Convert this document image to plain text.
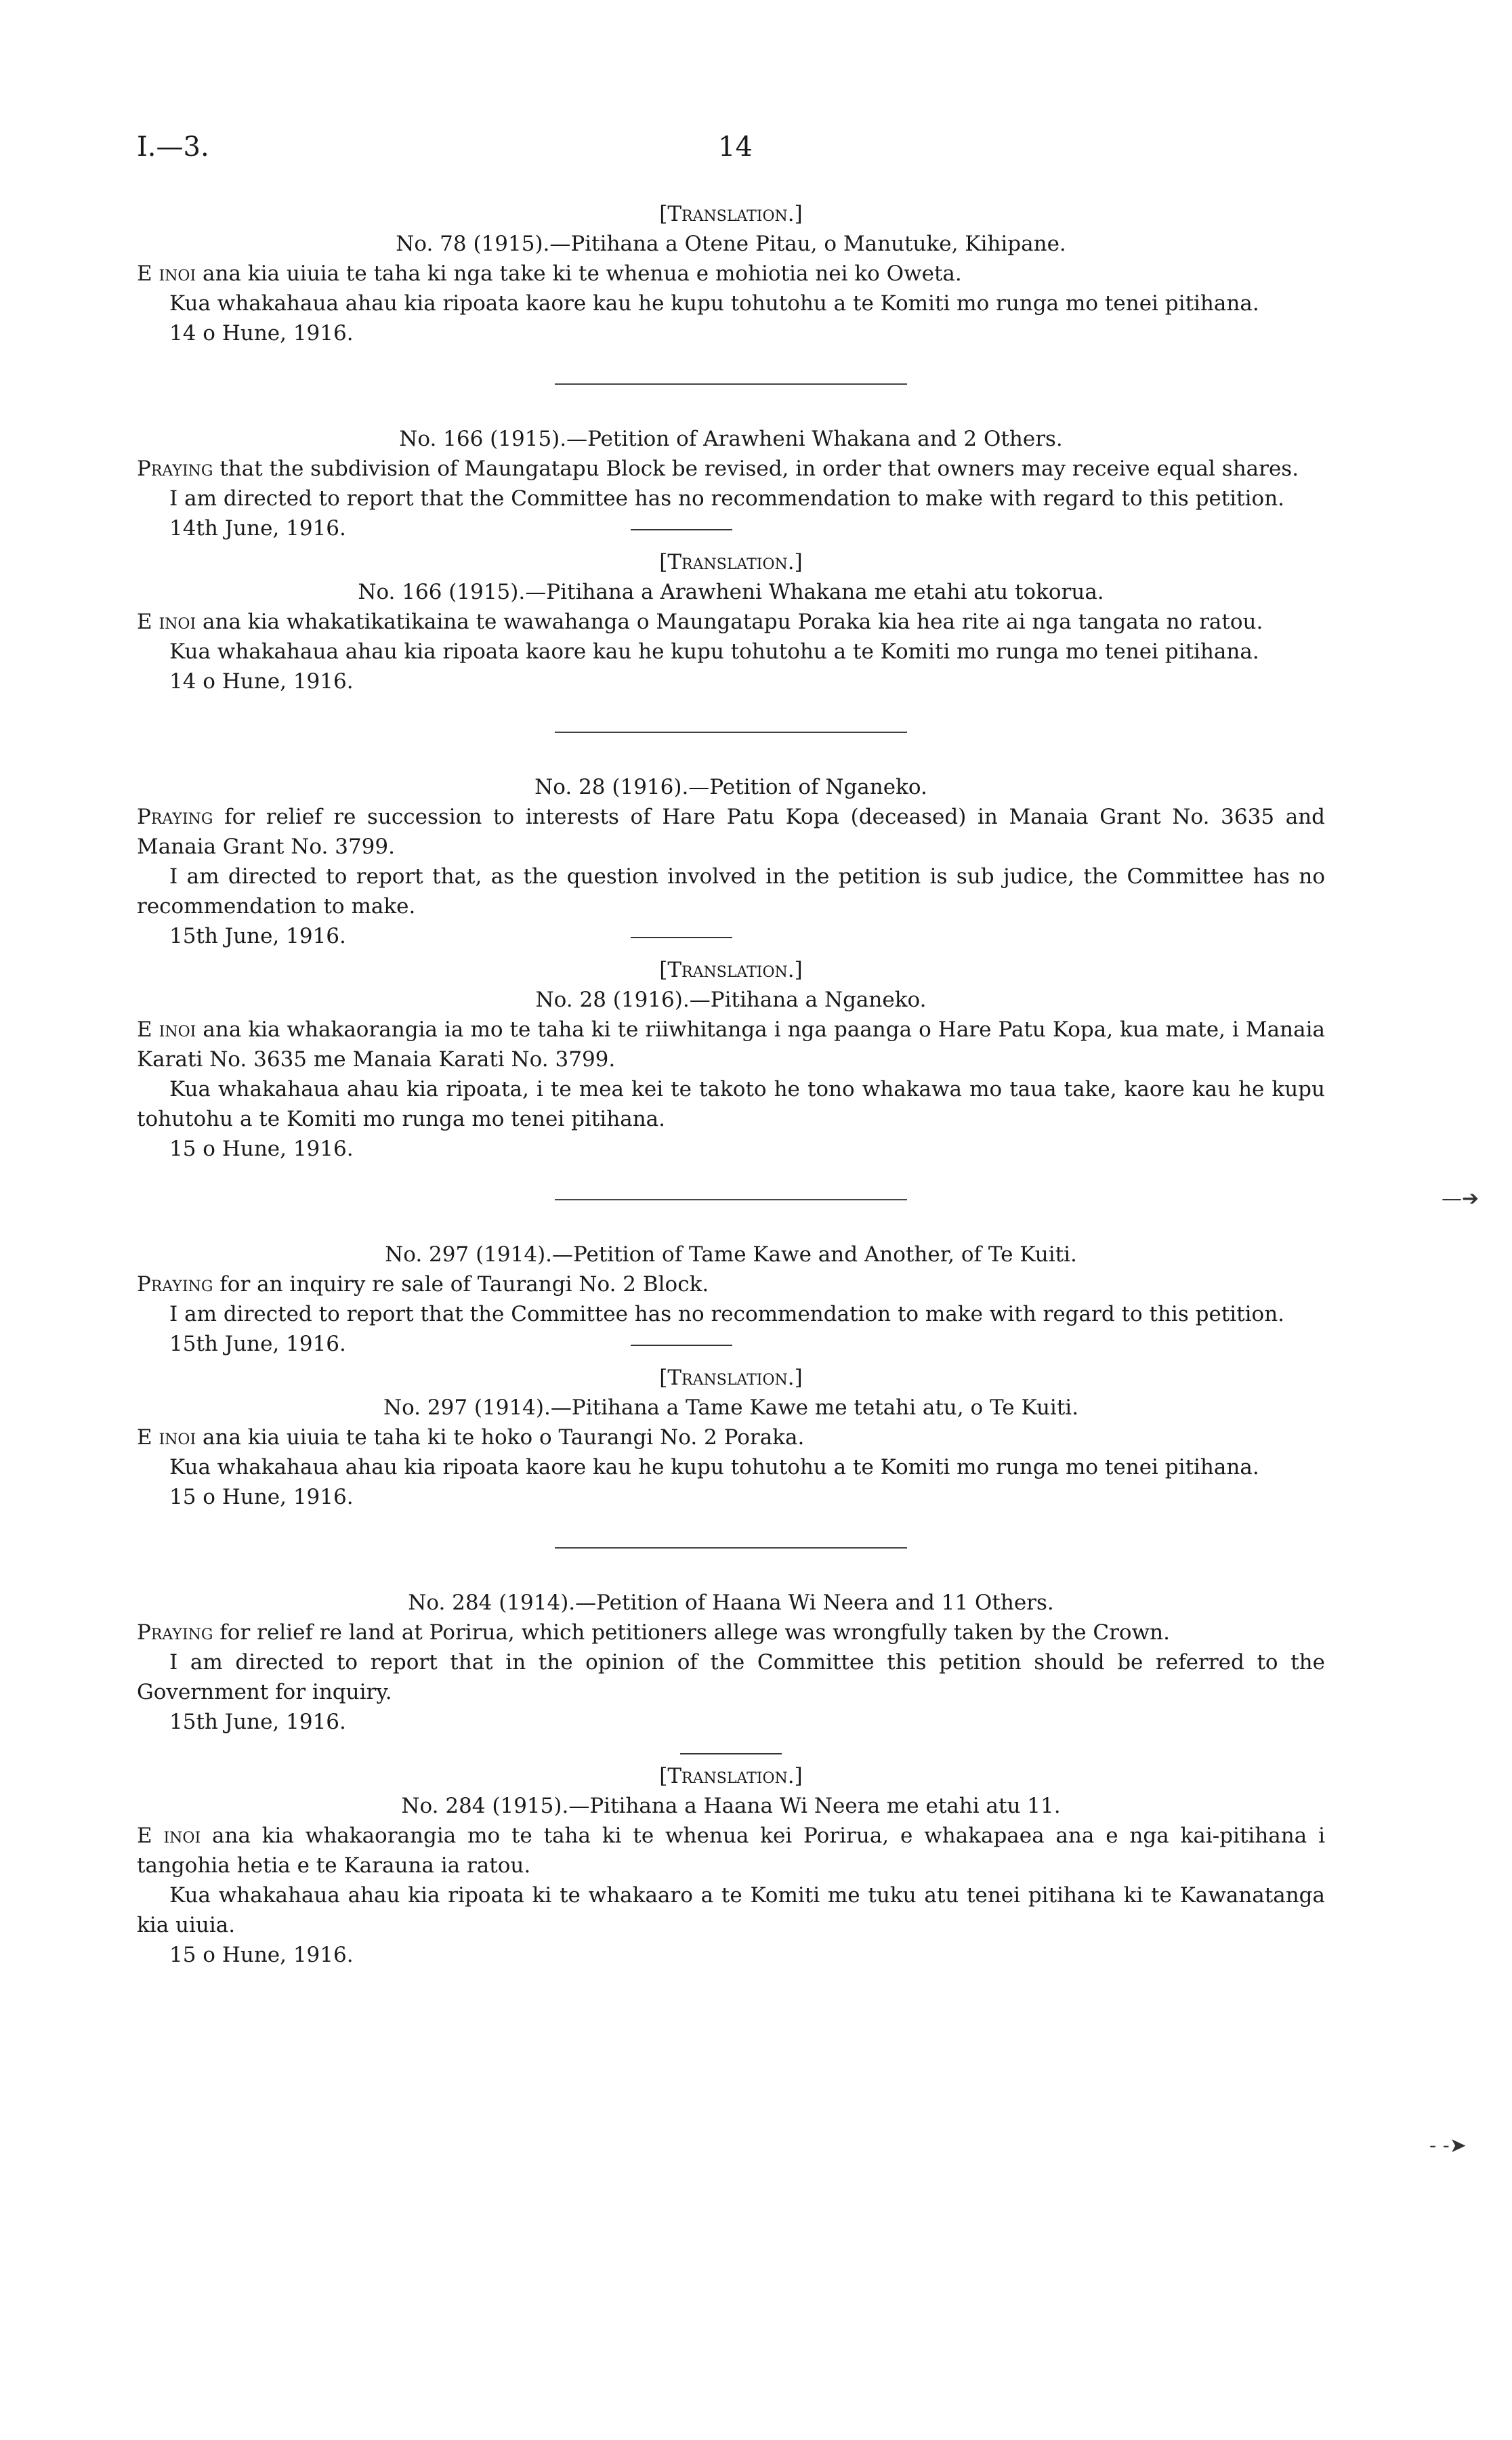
I.—3.	14
[Translation.]
No. 78 (1915).—Pitihana a Otene Pitau, o Manutuke, Kihipane.
E inoi ana kia uiuia te taha ki nga take ki te whenua e mohiotia nei ko Oweta.
Kua whakahaua ahau kia ripoata kaore kau he kupu tohutohu a te Komiti mo runga mo tenei pitihana.
14 o Hune, 1916.
No. 166 (1915).—Petition of Arawheni Whakana and 2 Others.
Praying that the subdivision of Maungatapu Block be revised, in order that owners may receive equal shares.
I am directed to report that the Committee has no recommendation to make with regard to this petition.
14th June, 1916.
[Translation.]
No. 166 (1915).—Pitihana a Arawheni Whakana me etahi atu tokorua.
E inoi ana kia whakatikatikaina te wawahanga o Maungatapu Poraka kia hea rite ai nga tangata no ratou.
Kua whakahaua ahau kia ripoata kaore kau he kupu tohutohu a te Komiti mo runga mo tenei pitihana.
14 o Hune, 1916.
No. 28 (1916).—Petition of Nganeko.
Praying for relief re succession to interests of Hare Patu Kopa (deceased) in Manaia Grant No. 3635 and Manaia Grant No. 3799.
I am directed to report that, as the question involved in the petition is sub judice, the Committee has no recommendation to make.
15th June, 1916.
[Translation.]
No. 28 (1916).—Pitihana a Nganeko.
E inoi ana kia whakaorangia ia mo te taha ki te riiwhitanga i nga paanga o Hare Patu Kopa, kua mate, i Manaia Karati No. 3635 me Manaia Karati No. 3799.
Kua whakahaua ahau kia ripoata, i te mea kei te takoto he tono whakawa mo taua take, kaore kau he kupu tohutohu a te Komiti mo runga mo tenei pitihana.
15 o Hune, 1916.
No. 297 (1914).—Petition of Tame Kawe and Another, of Te Kuiti.
Praying for an inquiry re sale of Taurangi No. 2 Block.
I am directed to report that the Committee has no recommendation to make with regard to this petition.
15th June, 1916.
[Translation.]
No. 297 (1914).—Pitihana a Tame Kawe me tetahi atu, o Te Kuiti.
E inoi ana kia uiuia te taha ki te hoko o Taurangi No. 2 Poraka.
Kua whakahaua ahau kia ripoata kaore kau he kupu tohutohu a te Komiti mo runga mo tenei pitihana.
15 o Hune, 1916.
No. 284 (1914).—Petition of Haana Wi Neera and 11 Others.
Praying for relief re land at Porirua, which petitioners allege was wrongfully taken by the Crown.
I am directed to report that in the opinion of the Committee this petition should be referred to the Government for inquiry.
15th June, 1916.
[Translation.]
No. 284 (1915).—Pitihana a Haana Wi Neera me etahi atu 11.
E inoi ana kia whakaorangia mo te taha ki te whenua kei Porirua, e whakapaea ana e nga kai-pitihana i tangohia hetia e te Karauna ia ratou.
Kua whakahaua ahau kia ripoata ki te whakaaro a te Komiti me tuku atu tenei pitihana ki te Kawanatanga kia uiuia.
15 o Hune, 1916.
—➔
- -➤
